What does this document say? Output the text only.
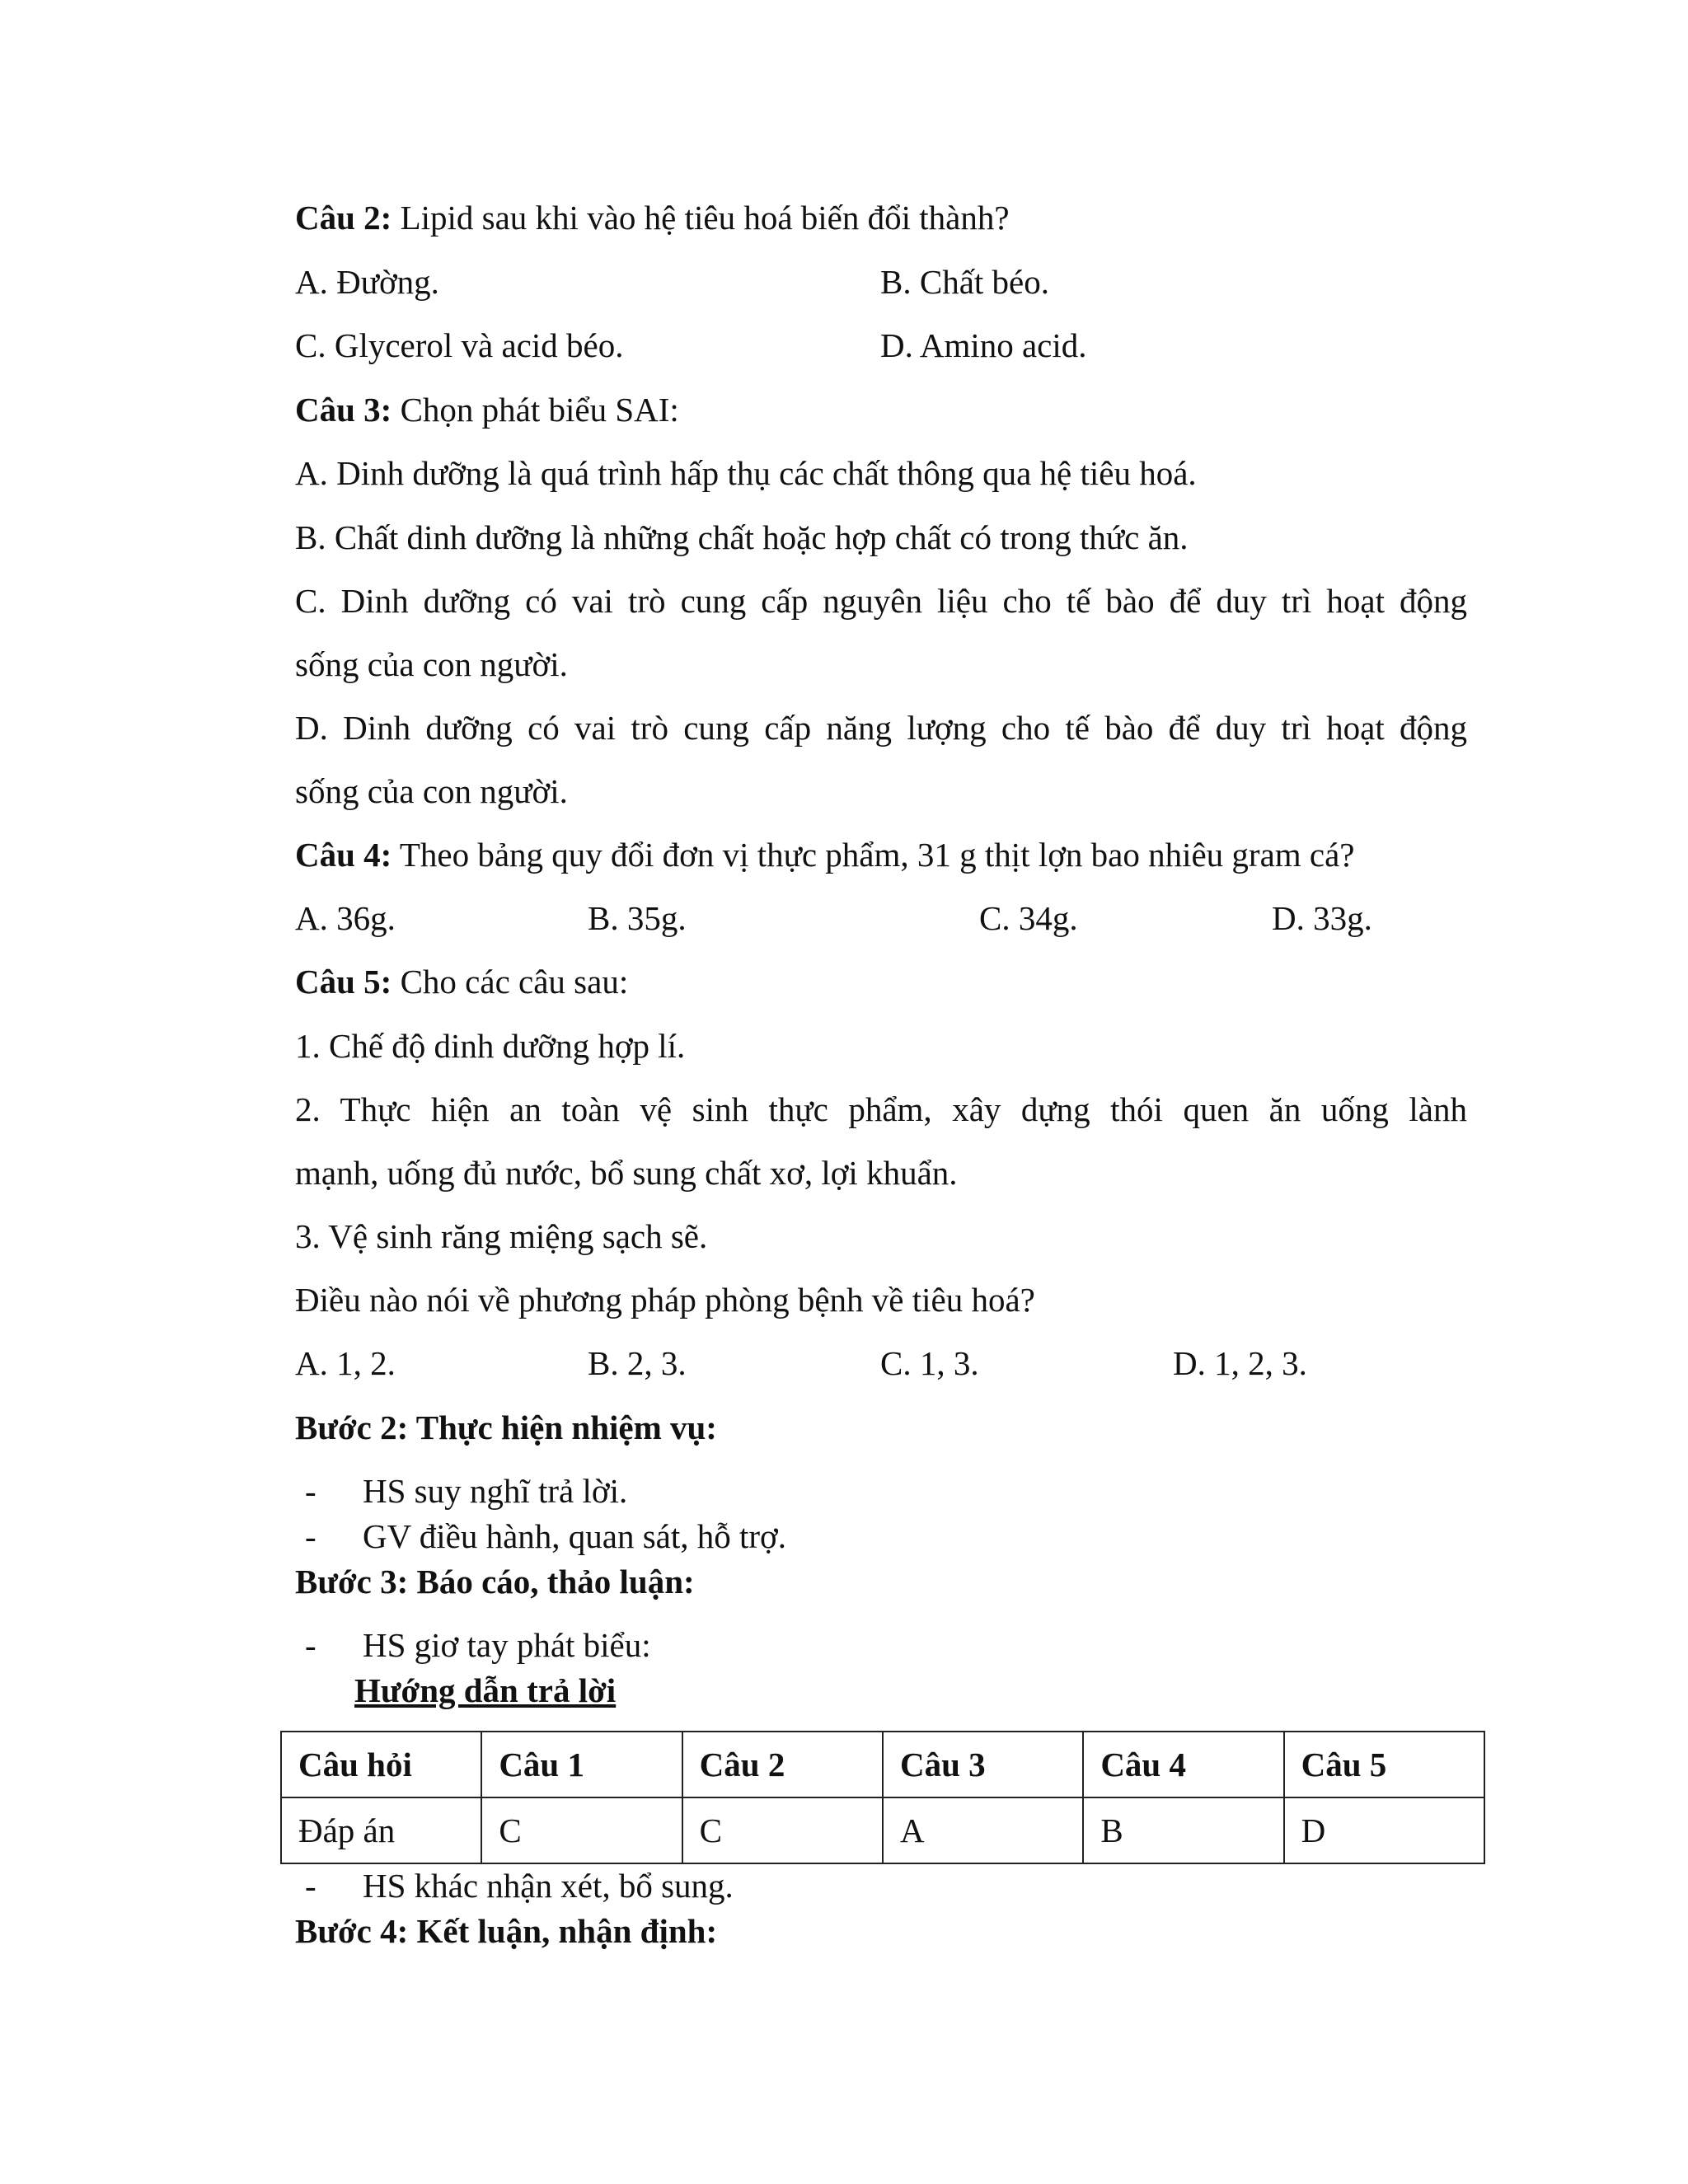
Câu 2: Lipid sau khi vào hệ tiêu hoá biến đổi thành?
A. Đường.	B. Chất béo.
C. Glycerol và acid béo.	D. Amino acid.
Câu 3: Chọn phát biểu SAI:
A. Dinh dưỡng là quá trình hấp thụ các chất thông qua hệ tiêu hoá.
B. Chất dinh dưỡng là những chất hoặc hợp chất có trong thức ăn.
C. Dinh dưỡng có vai trò cung cấp nguyên liệu cho tế bào để duy trì hoạt động
sống của con người.
D. Dinh dưỡng có vai trò cung cấp năng lượng cho tế bào để duy trì hoạt động
sống của con người.
Câu 4: Theo bảng quy đổi đơn vị thực phẩm, 31 g thịt lợn bao nhiêu gram cá?
A. 36g.	B. 35g.	C. 34g.	D. 33g.
Câu 5: Cho các câu sau:
1. Chế độ dinh dưỡng hợp lí.
2. Thực hiện an toàn vệ sinh thực phẩm, xây dựng thói quen ăn uống lành
mạnh, uống đủ nước, bổ sung chất xơ, lợi khuẩn.
3. Vệ sinh răng miệng sạch sẽ.
Điều nào nói về phương pháp phòng bệnh về tiêu hoá?
A. 1, 2.	B. 2, 3.	C. 1, 3.	D. 1, 2, 3.
Bước 2: Thực hiện nhiệm vụ:
- HS suy nghĩ trả lời.
- GV điều hành, quan sát, hỗ trợ.
Bước 3: Báo cáo, thảo luận:
- HS giơ tay phát biểu:
Hướng dẫn trả lời
Câu hỏi	Câu 1	Câu 2	Câu 3	Câu 4	Câu 5
Đáp án	C	C	A	B	D
- HS khác nhận xét, bổ sung.
Bước 4: Kết luận, nhận định:
